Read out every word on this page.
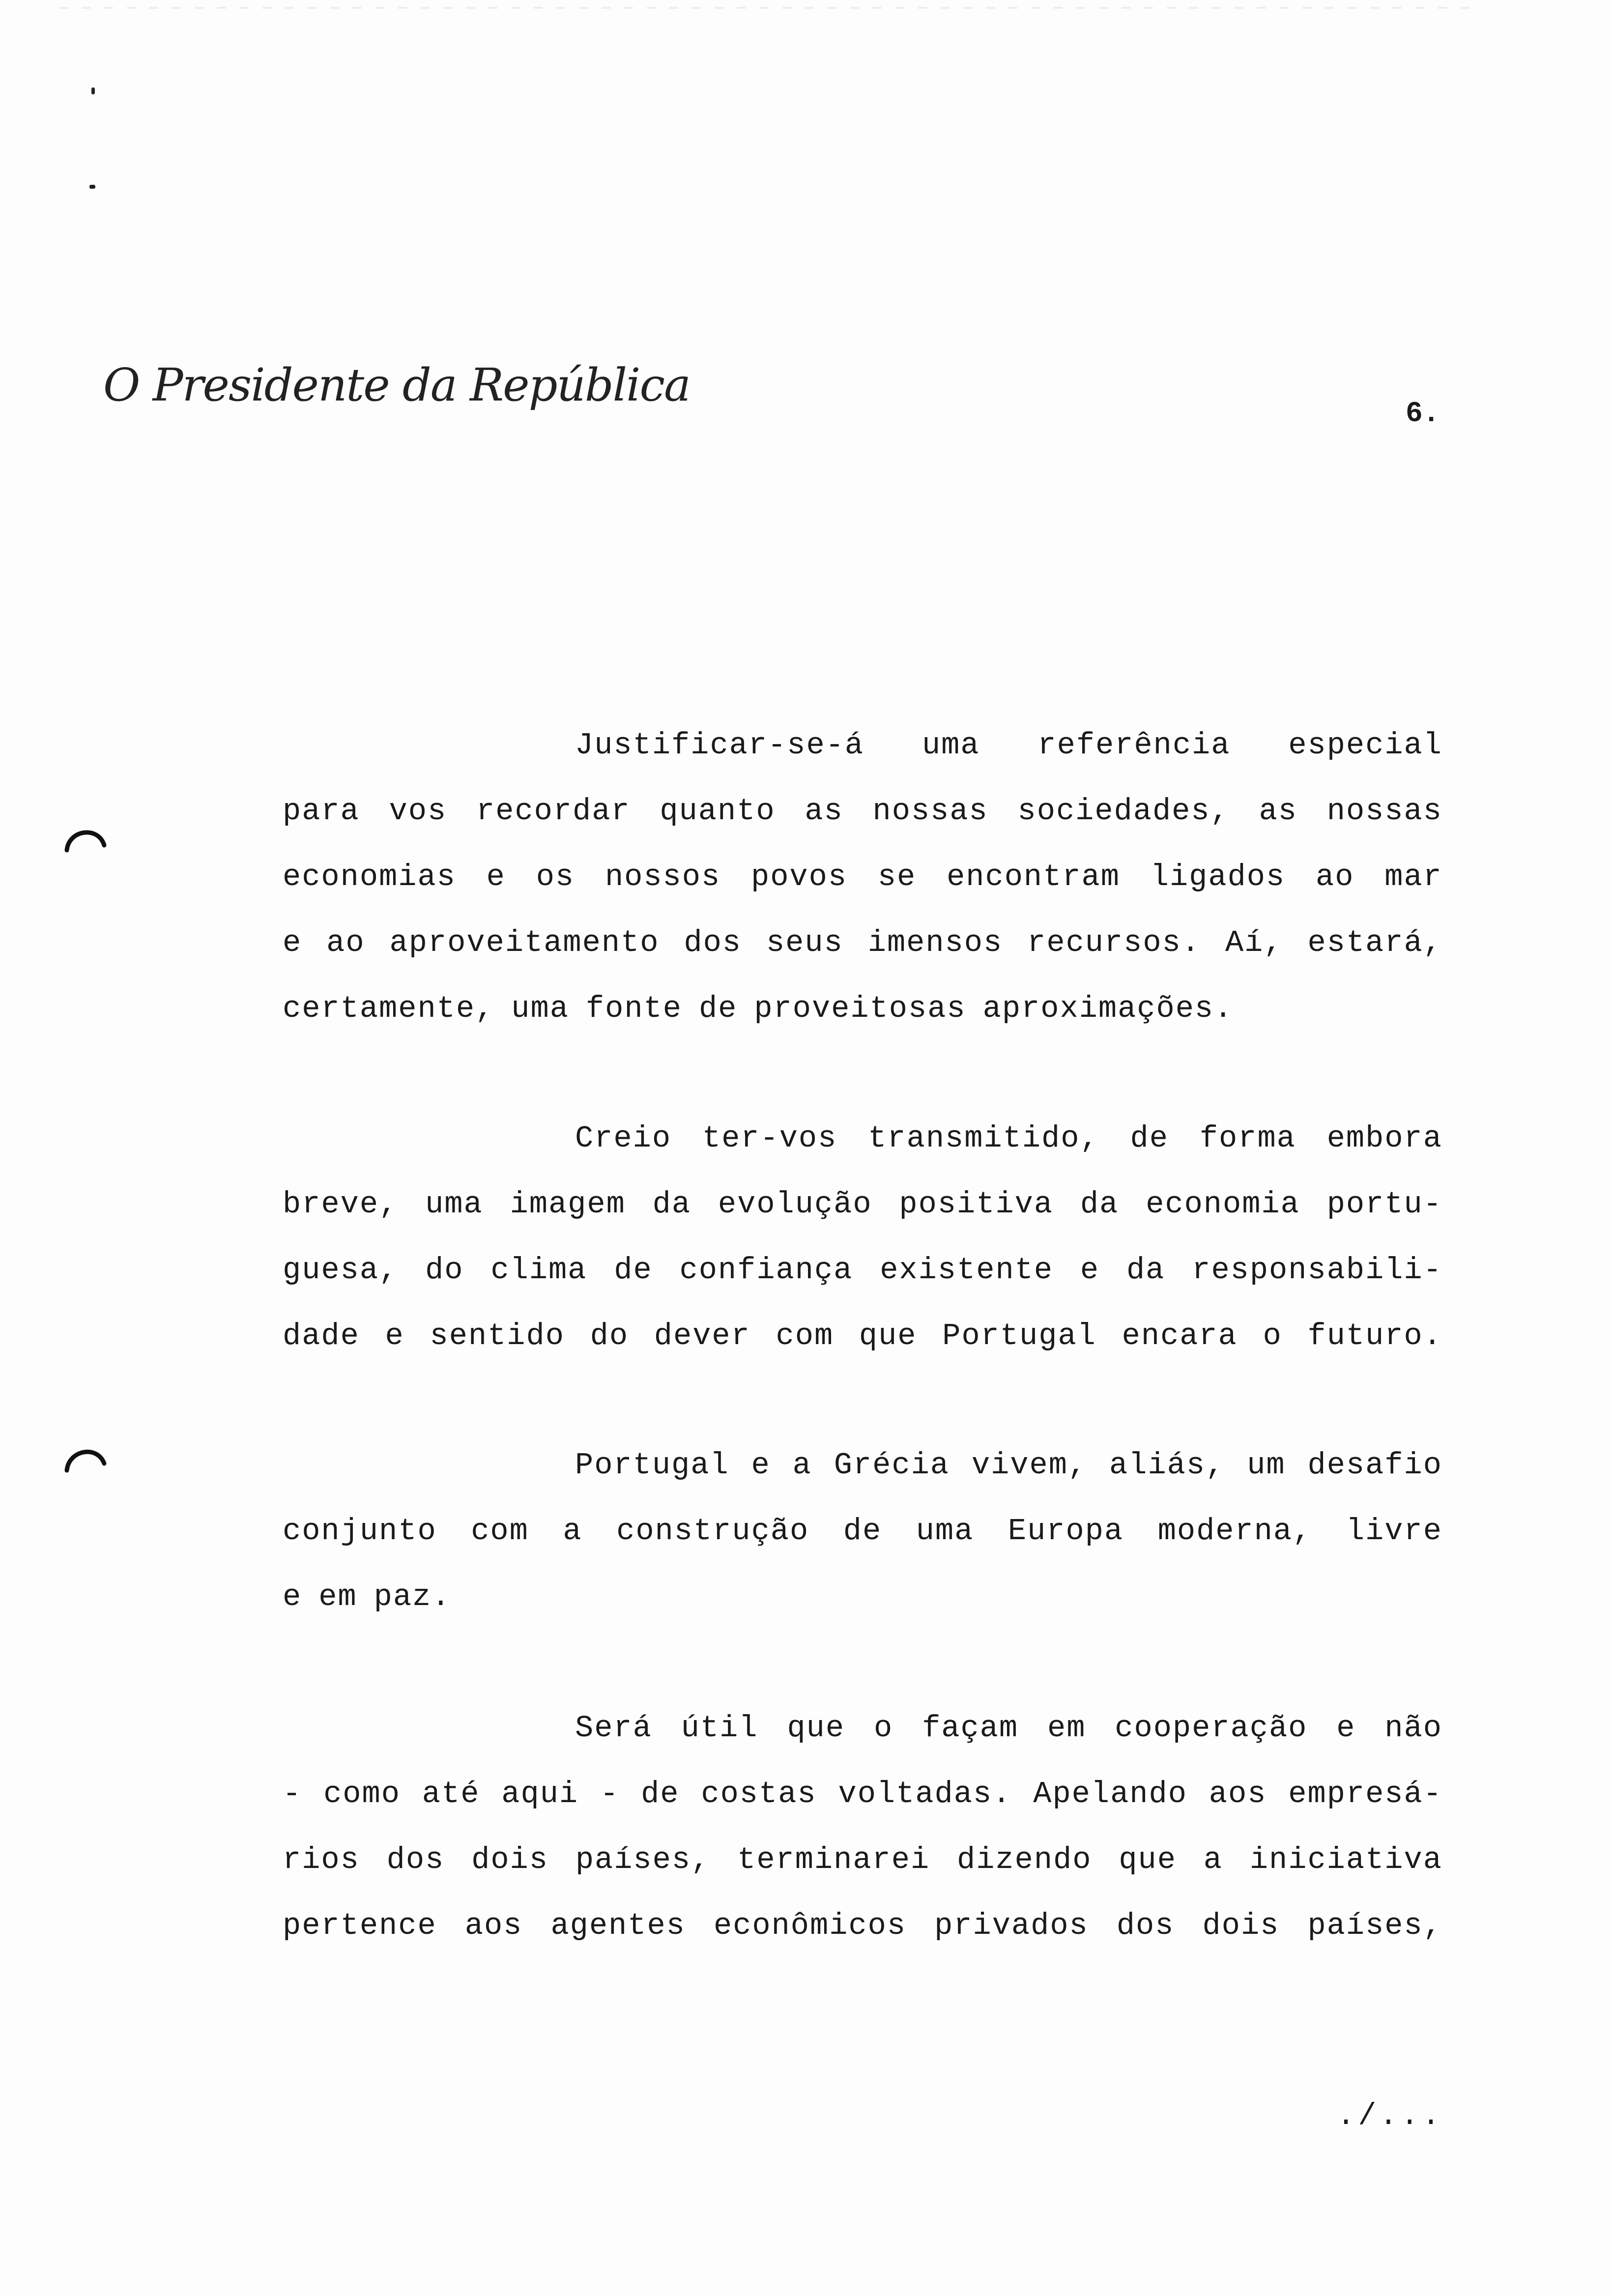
O Presidente da República
6.
Justificar-se-á uma referência especial
para vos recordar quanto as nossas sociedades, as nossas
economias e os nossos povos se encontram ligados ao mar
e ao aproveitamento dos seus imensos recursos. Aí, estará,
certamente, uma fonte de proveitosas aproximações.
Creio ter-vos transmitido, de forma embora
breve, uma imagem da evolução positiva da economia portu-
guesa, do clima de confiança existente e da responsabili-
dade e sentido do dever com que Portugal encara o futuro.
Portugal e a Grécia vivem, aliás, um desafio
conjunto com a construção de uma Europa moderna, livre
e em paz.
Será útil que o façam em cooperação e não
- como até aqui - de costas voltadas. Apelando aos empresá-
rios dos dois países, terminarei dizendo que a iniciativa
pertence aos agentes econômicos privados dos dois países,
./...
